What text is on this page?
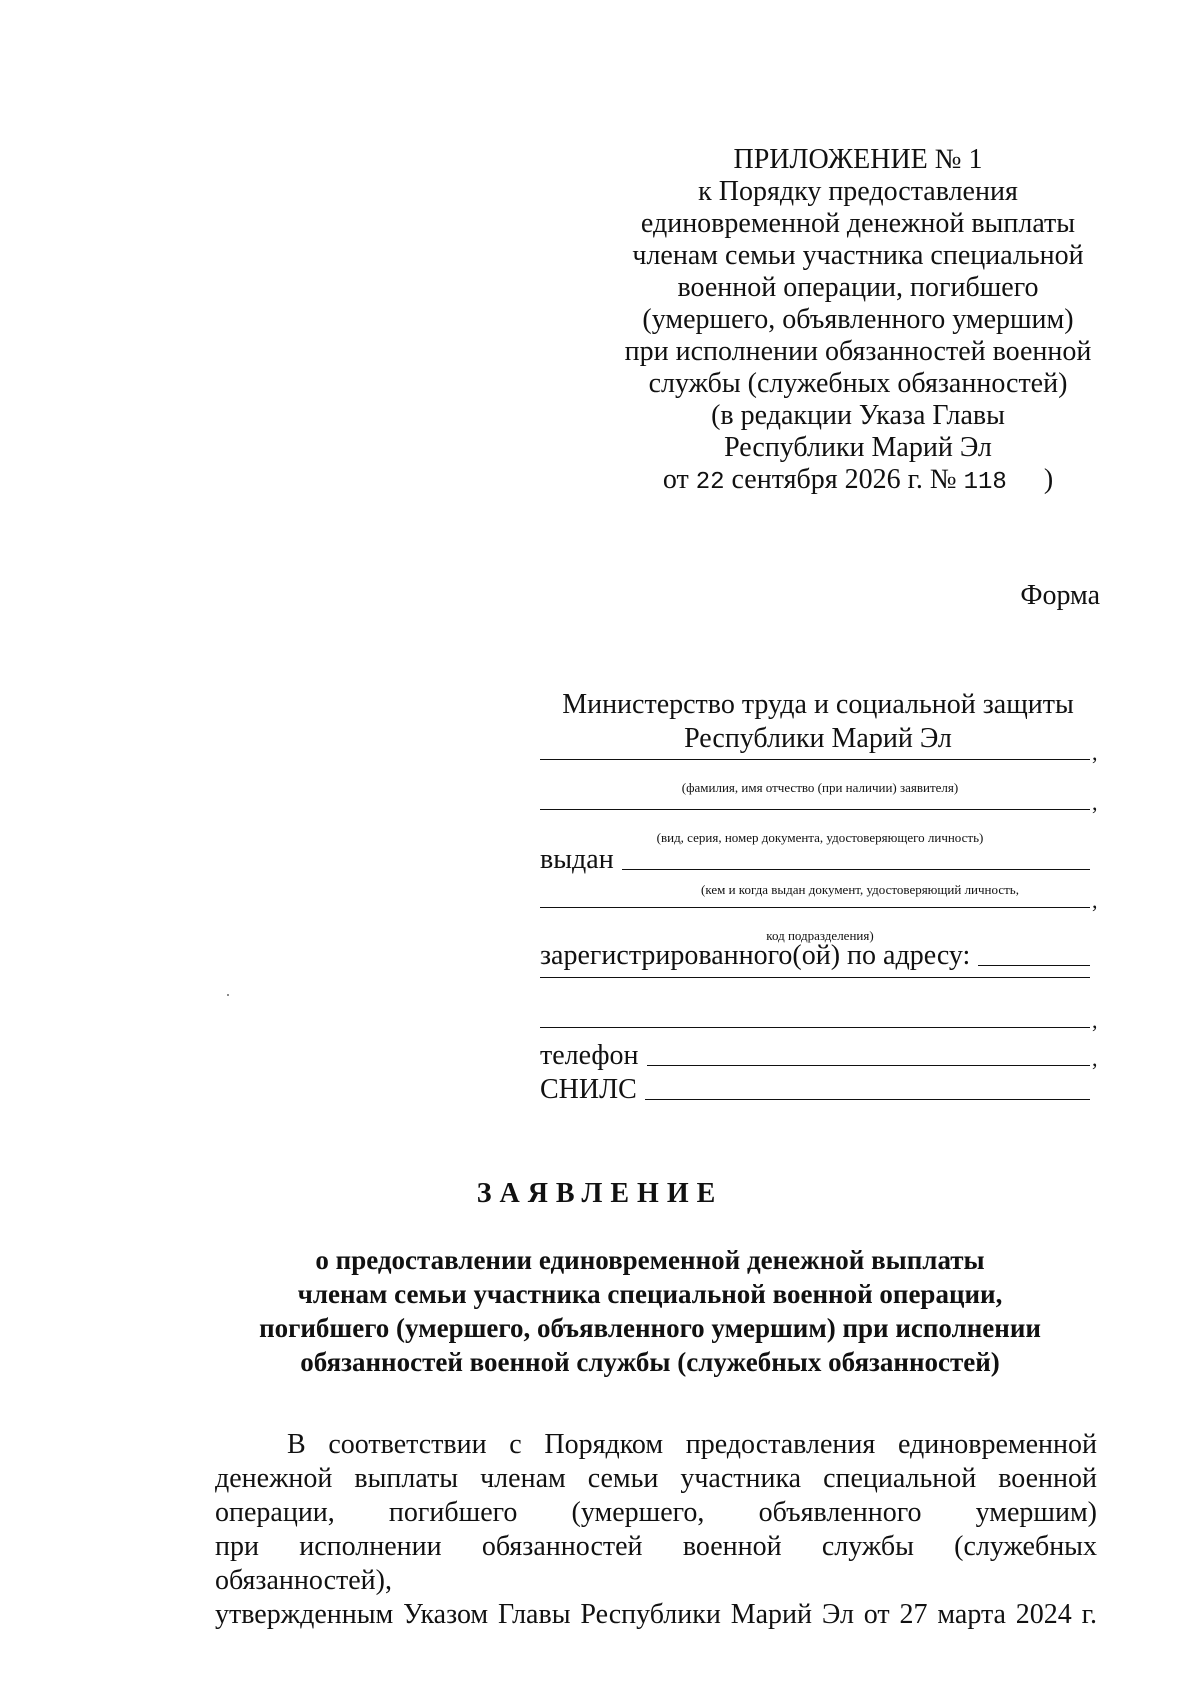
ПРИЛОЖЕНИЕ № 1
к Порядку предоставления
единовременной денежной выплаты
членам семьи участника специальной
военной операции, погибшего
(умершего, объявленного умершим)
при исполнении обязанностей военной
службы (служебных обязанностей)
(в редакции Указа Главы
Республики Марий Эл
от 22 сентября 2026 г. № 118 )
Форма
Министерство труда и социальной защиты
Республики Марий Эл	,
(фамилия, имя отчество (при наличии) заявителя)
,
(вид, серия, номер документа, удостоверяющего личность)
выдан
(кем и когда выдан документ, удостоверяющий личность,	,
код подразделения)
зарегистрированного(ой) по адресу:
,
телефон	,
СНИЛС
ЗАЯВЛЕНИЕ
о предоставлении единовременной денежной выплаты
членам семьи участника специальной военной операции,
погибшего (умершего, объявленного умершим) при исполнении
обязанностей военной службы (служебных обязанностей)
В соответствии с Порядком предоставления единовременной
денежной выплаты членам семьи участника специальной военной
операции, погибшего (умершего, объявленного умершим)
при исполнении обязанностей военной службы (служебных обязанностей),
утвержденным Указом Главы Республики Марий Эл от 27 марта 2024 г.
